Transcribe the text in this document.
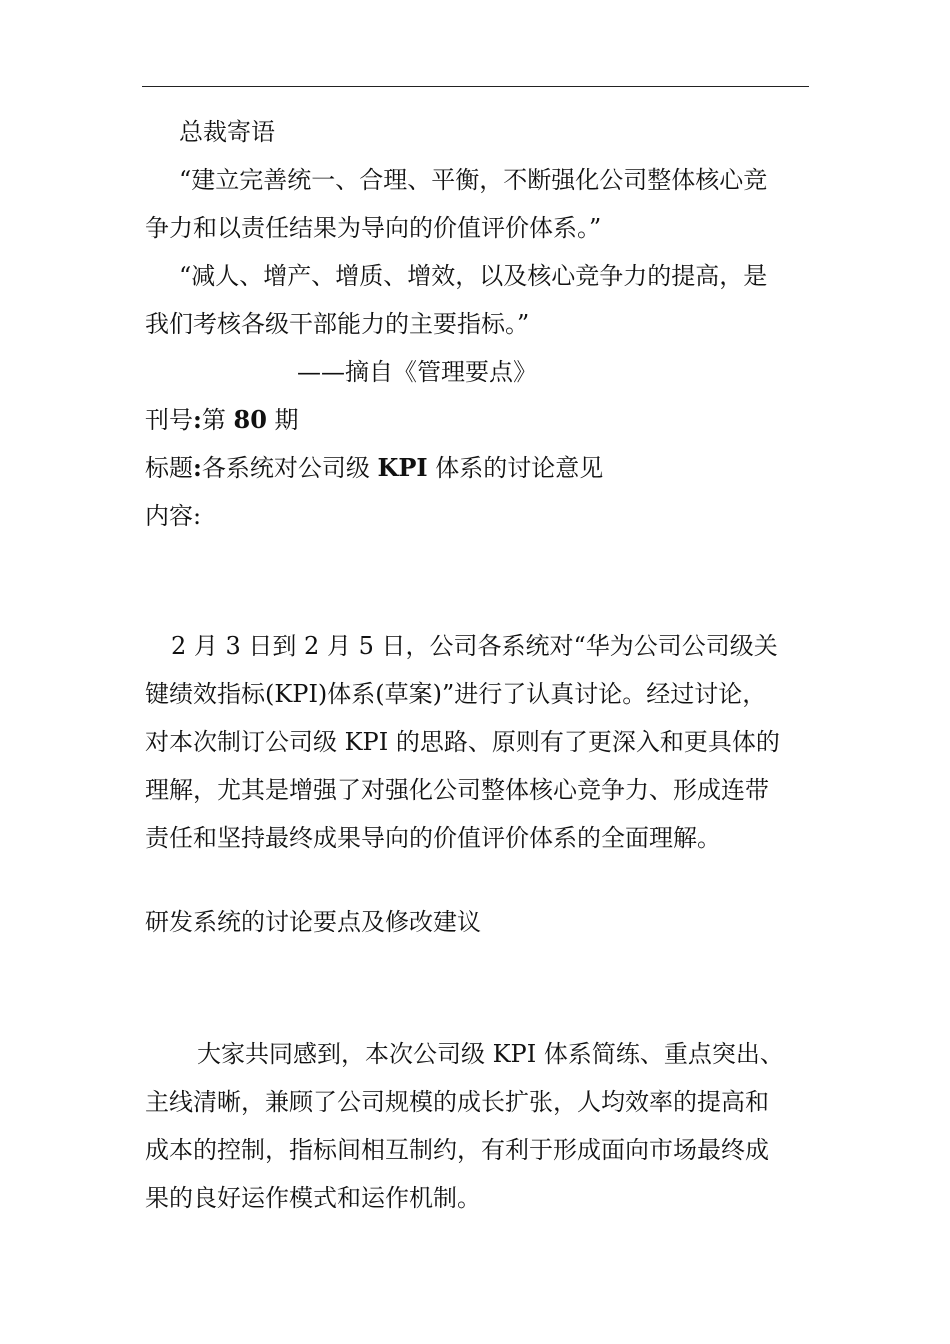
总裁寄语
“建立完善统一、合理、平衡，不断强化公司整体核心竞
争力和以责任结果为导向的价值评价体系。”
“减人、增产、增质、增效，以及核心竞争力的提高，是
我们考核各级干部能力的主要指标。”
——摘自《管理要点》
刊号:第 80 期
标题:各系统对公司级 KPI 体系的讨论意见
内容:
2 月 3 日到 2 月 5 日，公司各系统对“华为公司公司级关
键绩效指标(KPI)体系(草案)”进行了认真讨论。经过讨论，
对本次制订公司级 KPI 的思路、原则有了更深入和更具体的
理解，尤其是增强了对强化公司整体核心竞争力、形成连带
责任和坚持最终成果导向的价值评价体系的全面理解。
研发系统的讨论要点及修改建议
大家共同感到，本次公司级 KPI 体系简练、重点突出、
主线清晰，兼顾了公司规模的成长扩张，人均效率的提高和
成本的控制，指标间相互制约，有利于形成面向市场最终成
果的良好运作模式和运作机制。
